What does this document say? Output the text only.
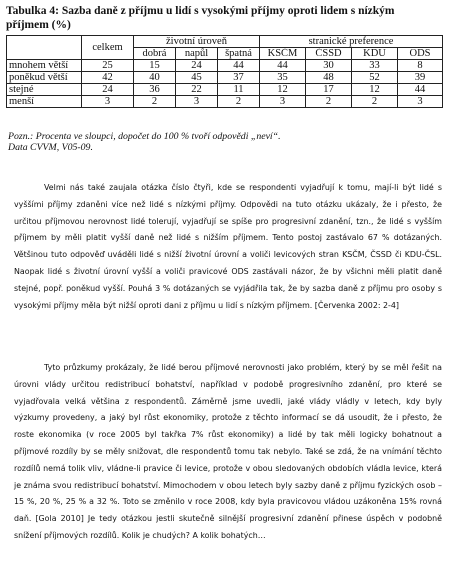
Tabulka 4: Sazba daně z příjmu u lidí s vysokými příjmy oproti lidem s nízkým
příjmem (%)
	celkem	životní úroveň			stranické preference			
		dobrá	napůl	špatná	KSČM	ČSSD	KDU	ODS
mnohem větší	25	15	24	44	44	30	33	8
poněkud větší	42	40	45	37	35	48	52	39
stejné	24	36	22	11	12	17	12	44
menší	3	2	3	2	3	2	2	3
Pozn.: Procenta ve sloupci, dopočet do 100 % tvoří odpovědi „neví“.
Data CVVM, V05-09.

Velmi nás také zaujala otázka číslo čtyři, kde se respondenti vyjadřují k tomu, mají-li být lidé s vyššími příjmy zdaněni více než lidé s nízkými příjmy. Odpovědi na tuto otázku ukázaly, že i přesto, že určitou příjmovou nerovnost lidé tolerují, vyjadřují se spíše pro progresivní zdanění, tzn., že lidé s vyšším příjmem by měli platit vyšší daně než lidé s nižším příjmem. Tento postoj zastávalo 67 % dotázaných. Většinou tuto odpověď uváděli lidé s nižší životní úrovní a voliči levicových stran KSČM, ČSSD či KDU-ČSL. Naopak lidé s životní úrovní vyšší a voliči pravicové ODS zastávali názor, že by všichni měli platit daně stejné, popř. poněkud vyšší. Pouhá 3 % dotázaných se vyjádřila tak, že by sazba daně z příjmu pro osoby s vysokými příjmy měla být nižší oproti dani z příjmu u lidí s nízkým příjmem. [Červenka 2002: 2-4]

Tyto průzkumy prokázaly, že lidé berou příjmové nerovnosti jako problém, který by se měl řešit na úrovni vlády určitou redistribucí bohatství, například v podobě progresivního zdanění, pro které se vyjadřovala velká většina z respondentů. Záměrně jsme uvedli, jaké vlády vládly v letech, kdy byly výzkumy provedeny, a jaký byl růst ekonomiky, protože z těchto informací se dá usoudit, že i přesto, že roste ekonomika (v roce 2005 byl takřka 7% růst ekonomiky) a lidé by tak měli logicky bohatnout a příjmové rozdíly by se měly snižovat, dle respondentů tomu tak nebylo. Také se zdá, že na vnímání těchto rozdílů nemá tolik vliv, vládne-li pravice či levice, protože v obou sledovaných obdobích vládla levice, která je známa svou redistribucí bohatství. Mimochodem v obou letech byly sazby daně z příjmu fyzických osob – 15 %, 20 %, 25 % a 32 %. Toto se změnilo v roce 2008, kdy byla pravicovou vládou uzákoněna 15% rovná daň. [Gola 2010] Je tedy otázkou jestli skutečně silnější progresivní zdanění přinese úspěch v podobně snížení příjmových rozdílů. Kolik je chudých? A kolik bohatých…
